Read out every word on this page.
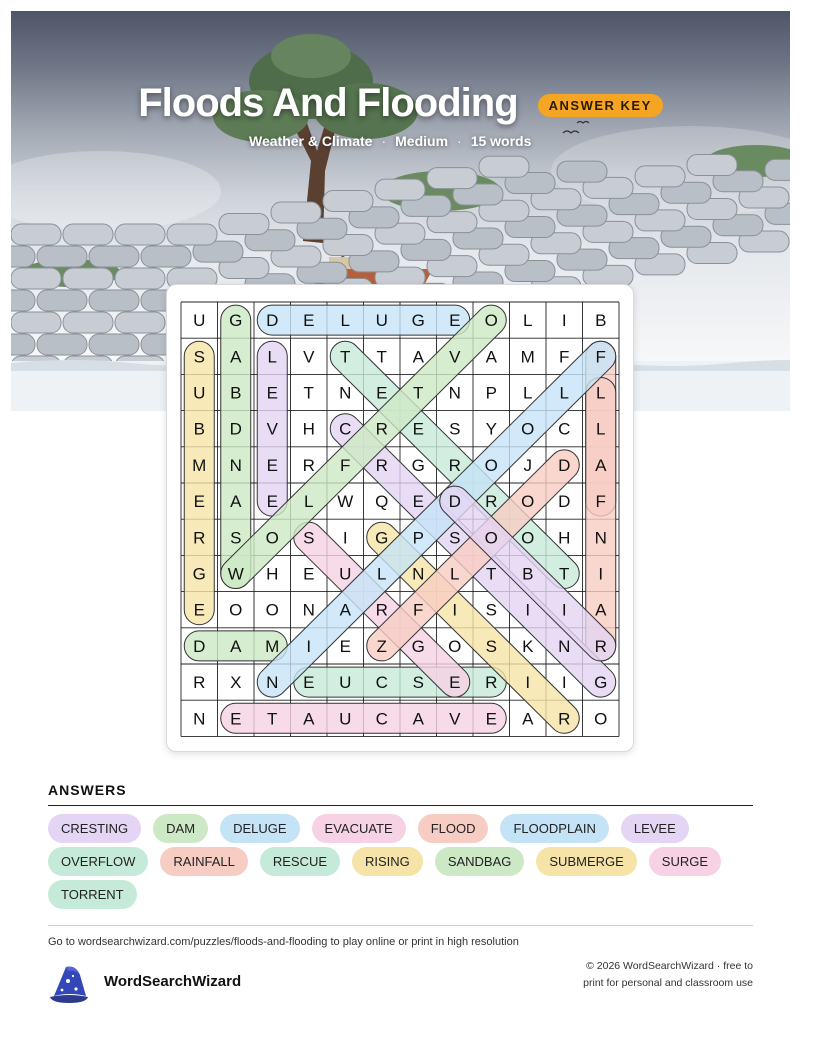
Floods And Flooding ANSWER KEY
Weather & Climate · Medium · 15 words
U G D E L U G E O L I B
S A L V T T A V A M F F
U B E T N E T N P L L L
B D V H C R E S Y O C L
M N E R F R G R O J D A
E A E L W Q E D R O D F
R S O S I G P S O O H N
G W H E U L N L T B T I
E O O N A R F I S I I A
D A M I E Z G O S K N R
R X N E U C S E R I I G
N E T A U C A V E A R O
ANSWERS
CRESTING	DAM	DELUGE	EVACUATE	FLOOD	FLOODPLAIN	LEVEE
OVERFLOW	RAINFALL	RESCUE	RISING	SANDBAG	SUBMERGE	SURGE
TORRENT
Go to wordsearchwizard.com/puzzles/floods-and-flooding to play online or print in high resolution
WordSearchWizard
© 2026 WordSearchWizard · free to print for personal and classroom use
